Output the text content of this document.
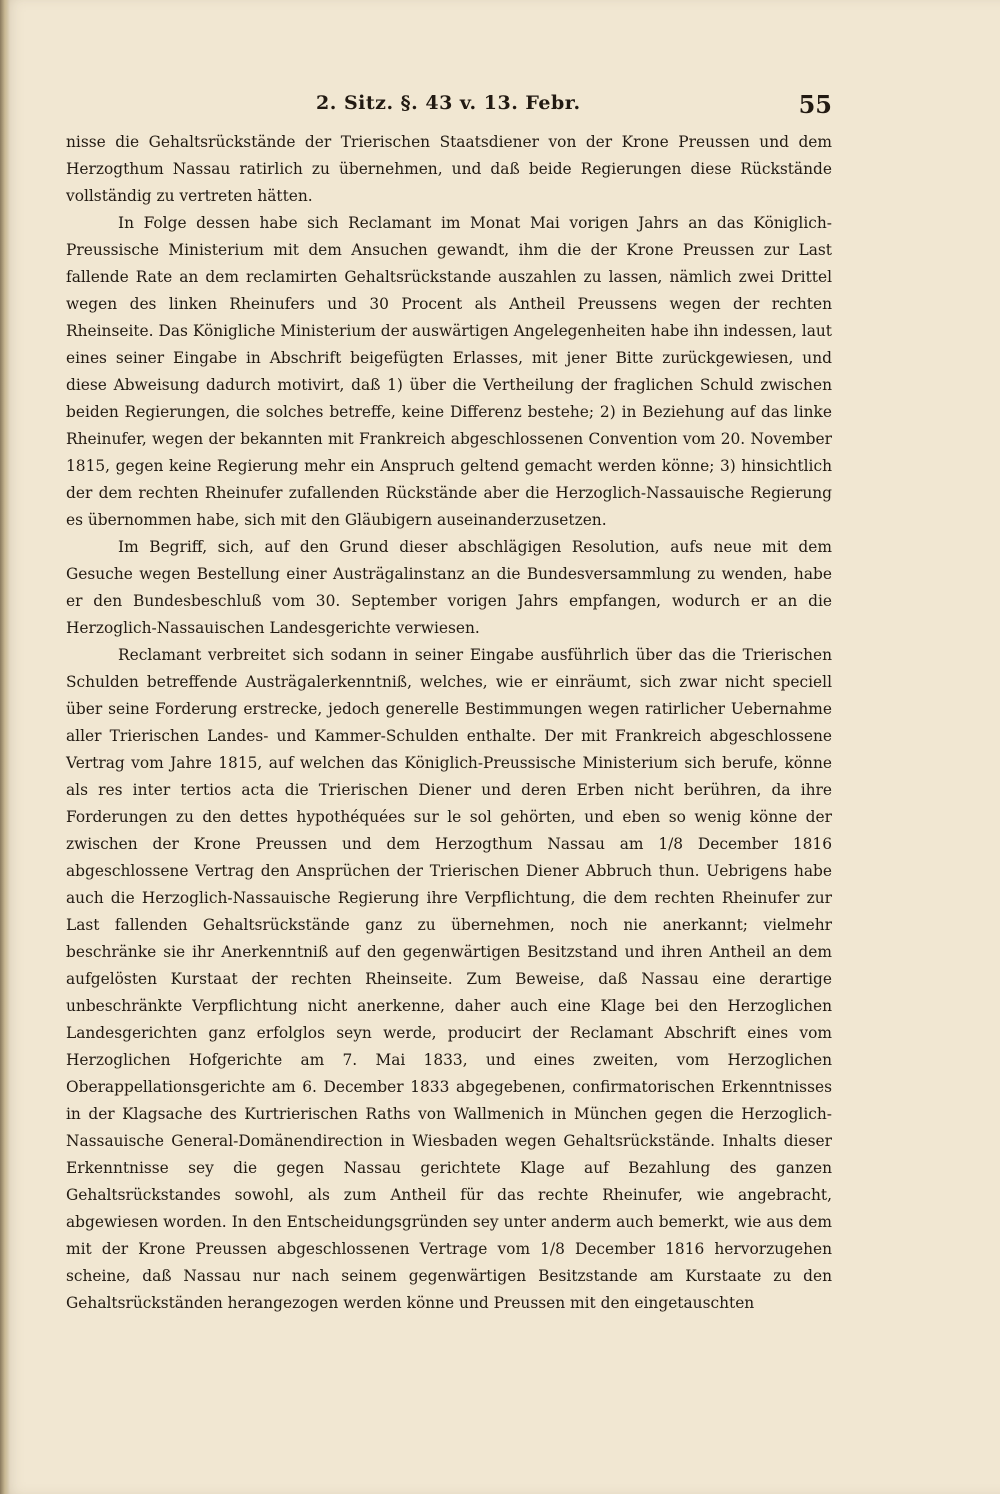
2. Sitz. §. 43 v. 13. Febr.	55

nisse die Gehaltsrückstände der Trierischen Staatsdiener von der Krone Preussen und dem Herzogthum Nassau ratirlich zu übernehmen, und daß beide Regierungen diese Rückstände vollständig zu vertreten hätten.

In Folge dessen habe sich Reclamant im Monat Mai vorigen Jahrs an das Königlich-Preussische Ministerium mit dem Ansuchen gewandt, ihm die der Krone Preussen zur Last fallende Rate an dem reclamirten Gehaltsrückstande auszahlen zu lassen, nämlich zwei Drittel wegen des linken Rheinufers und 30 Procent als Antheil Preussens wegen der rechten Rheinseite. Das Königliche Ministerium der auswärtigen Angelegenheiten habe ihn indessen, laut eines seiner Eingabe in Abschrift beigefügten Erlasses, mit jener Bitte zurückgewiesen, und diese Abweisung dadurch motivirt, daß 1) über die Vertheilung der fraglichen Schuld zwischen beiden Regierungen, die solches betreffe, keine Differenz bestehe; 2) in Beziehung auf das linke Rheinufer, wegen der bekannten mit Frankreich abgeschlossenen Convention vom 20. November 1815, gegen keine Regierung mehr ein Anspruch geltend gemacht werden könne; 3) hinsichtlich der dem rechten Rheinufer zufallenden Rückstände aber die Herzoglich-Nassauische Regierung es übernommen habe, sich mit den Gläubigern auseinanderzusetzen.

Im Begriff, sich, auf den Grund dieser abschlägigen Resolution, aufs neue mit dem Gesuche wegen Bestellung einer Austrägalinstanz an die Bundesversammlung zu wenden, habe er den Bundesbeschluß vom 30. September vorigen Jahrs empfangen, wodurch er an die Herzoglich-Nassauischen Landesgerichte verwiesen.

Reclamant verbreitet sich sodann in seiner Eingabe ausführlich über das die Trierischen Schulden betreffende Austrägalerkenntniß, welches, wie er einräumt, sich zwar nicht speciell über seine Forderung erstrecke, jedoch generelle Bestimmungen wegen ratirlicher Uebernahme aller Trierischen Landes- und Kammer-Schulden enthalte. Der mit Frankreich abgeschlossene Vertrag vom Jahre 1815, auf welchen das Königlich-Preussische Ministerium sich berufe, könne als res inter tertios acta die Trierischen Diener und deren Erben nicht berühren, da ihre Forderungen zu den dettes hypothéquées sur le sol gehörten, und eben so wenig könne der zwischen der Krone Preussen und dem Herzogthum Nassau am 1/8 December 1816 abgeschlossene Vertrag den Ansprüchen der Trierischen Diener Abbruch thun. Uebrigens habe auch die Herzoglich-Nassauische Regierung ihre Verpflichtung, die dem rechten Rheinufer zur Last fallenden Gehaltsrückstände ganz zu übernehmen, noch nie anerkannt; vielmehr beschränke sie ihr Anerkenntniß auf den gegenwärtigen Besitzstand und ihren Antheil an dem aufgelösten Kurstaat der rechten Rheinseite. Zum Beweise, daß Nassau eine derartige unbeschränkte Verpflichtung nicht anerkenne, daher auch eine Klage bei den Herzoglichen Landesgerichten ganz erfolglos seyn werde, producirt der Reclamant Abschrift eines vom Herzoglichen Hofgerichte am 7. Mai 1833, und eines zweiten, vom Herzoglichen Oberappellationsgerichte am 6. December 1833 abgegebenen, confirmatorischen Erkenntnisses in der Klagsache des Kurtrierischen Raths von Wallmenich in München gegen die Herzoglich-Nassauische General-Domänendirection in Wiesbaden wegen Gehaltsrückstände. Inhalts dieser Erkenntnisse sey die gegen Nassau gerichtete Klage auf Bezahlung des ganzen Gehaltsrückstandes sowohl, als zum Antheil für das rechte Rheinufer, wie angebracht, abgewiesen worden. In den Entscheidungsgründen sey unter anderm auch bemerkt, wie aus dem mit der Krone Preussen abgeschlossenen Vertrage vom 1/8 December 1816 hervorzugehen scheine, daß Nassau nur nach seinem gegenwärtigen Besitzstande am Kurstaate zu den Gehaltsrückständen herangezogen werden könne und Preussen mit den eingetauschten
